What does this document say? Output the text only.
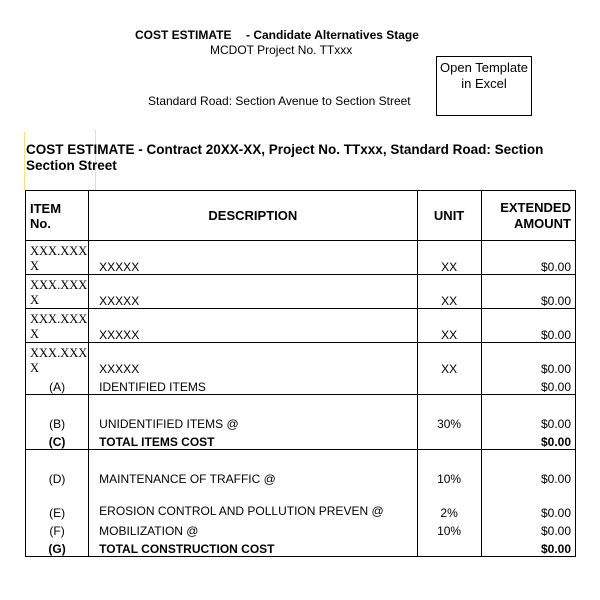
COST ESTIMATE - Candidate Alternatives Stage
MCDOT Project No. TTxxx
Standard Road: Section Avenue to Section Street
Open Template in Excel
COST ESTIMATE - Contract 20XX-XX, Project No. TTxxx, Standard Road: Section Section Street
ITEM No.	DESCRIPTION	UNIT	EXTENDED AMOUNT
XXX.XXX X	XXXXX	XX	$0.00
XXX.XXX X	XXXXX	XX	$0.00
XXX.XXX X	XXXXX	XX	$0.00
XXX.XXX X	XXXXX	XX	$0.00
(A)	IDENTIFIED ITEMS		$0.00

(B)	UNIDENTIFIED ITEMS @	30%	$0.00
(C)	TOTAL ITEMS COST		$0.00

(D)	MAINTENANCE OF TRAFFIC @	10%	$0.00
(E)	EROSION CONTROL AND POLLUTION PREVEN @	2%	$0.00
(F)	MOBILIZATION @	10%	$0.00
(G)	TOTAL CONSTRUCTION COST		$0.00
